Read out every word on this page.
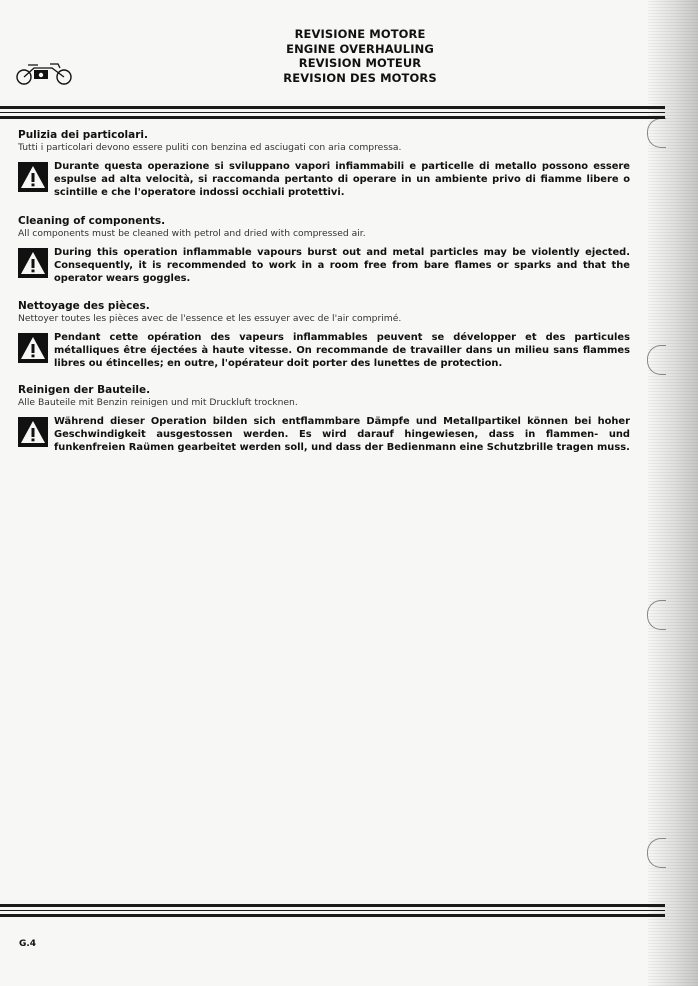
REVISIONE MOTORE
ENGINE OVERHAULING
REVISION MOTEUR
REVISION DES MOTORS

Pulizia dei particolari.

Tutti i particolari devono essere puliti con benzina ed asciugati con aria compressa.

Durante questa operazione si sviluppano vapori infiammabili e particelle di metallo possono essere espulse ad alta velocità, si raccomanda pertanto di operare in un ambiente privo di fiamme libere o scintille e che l'operatore indossi occhiali protettivi.

Cleaning of components.

All components must be cleaned with petrol and dried with compressed air.

During this operation inflammable vapours burst out and metal particles may be violently ejected. Consequently, it is recommended to work in a room free from bare flames or sparks and that the operator wears goggles.

Nettoyage des pièces.

Nettoyer toutes les pièces avec de l'essence et les essuyer avec de l'air comprimé.

Pendant cette opération des vapeurs inflammables peuvent se développer et des particules métalliques être éjectées à haute vitesse. On recommande de travailler dans un milieu sans flammes libres ou étincelles; en outre, l'opérateur doit porter des lunettes de protection.

Reinigen der Bauteile.

Alle Bauteile mit Benzin reinigen und mit Druckluft trocknen.

Während dieser Operation bilden sich entflammbare Dämpfe und Metallpartikel können bei hoher Geschwindigkeit ausgestossen werden. Es wird darauf hingewiesen, dass in flammen- und funkenfreien Raümen gearbeitet werden soll, und dass der Bedienmann eine Schutzbrille tragen muss.
G.4
